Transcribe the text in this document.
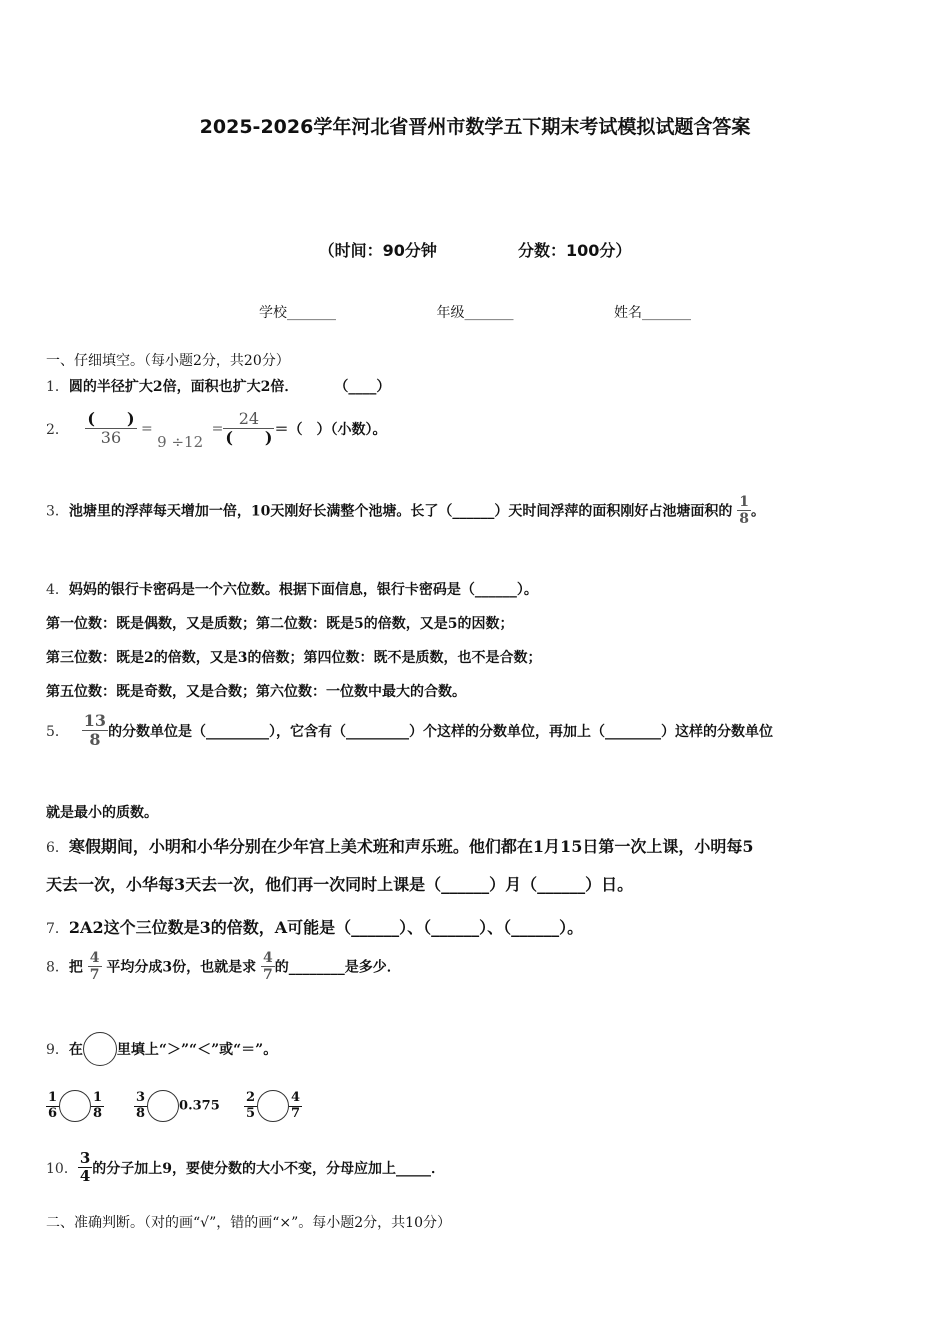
2025-2026学年河北省晋州市数学五下期末考试模拟试题含答案
（时间：90分钟	分数：100分）
学校_______	年级_______	姓名_______
一、仔细填空。（每小题2分，共20分）
1．圆的半径扩大2倍，面积也扩大2倍．	（____）
2． $\frac{( )}{36} = 9 \div 12 = \frac{24}{( )}$ ＝（　）（小数）。
3．池塘里的浮萍每天增加一倍，10天刚好长满整个池塘。长了（______）天时间浮萍的面积刚好占池塘面积的 $\frac{1}{8}$ 。
4．妈妈的银行卡密码是一个六位数。根据下面信息，银行卡密码是（______）。
第一位数：既是偶数，又是质数；第二位数：既是5的倍数，又是5的因数；
第三位数：既是2的倍数，又是3的倍数；第四位数：既不是质数，也不是合数；
第五位数：既是奇数，又是合数；第六位数：一位数中最大的合数。
5． $\frac{13}{8}$ 的分数单位是（_________），它含有（_________）个这样的分数单位，再加上（________）这样的分数单位
就是最小的质数。
6．寒假期间，小明和小华分别在少年宫上美术班和声乐班。他们都在1月15日第一次上课，小明每5
天去一次，小华每3天去一次，他们再一次同时上课是（______）月（______）日。
7．2A2这个三位数是3的倍数，A可能是（______）、（______）、（______）。
8．把 $\frac{4}{7}$ 平均分成3份，也就是求 $\frac{4}{7}$ 的________是多少．
9．在 里填上“＞”“＜”或“＝”。
$\frac{1}{6} \frac{1}{8} \frac{3}{8} 0.375 \frac{2}{5} \frac{4}{7}$
10． $\frac{3}{4}$ 的分子加上9，要使分数的大小不变，分母应加上_____．
二、准确判断。（对的画“√”，错的画“×”。每小题2分，共10分）
